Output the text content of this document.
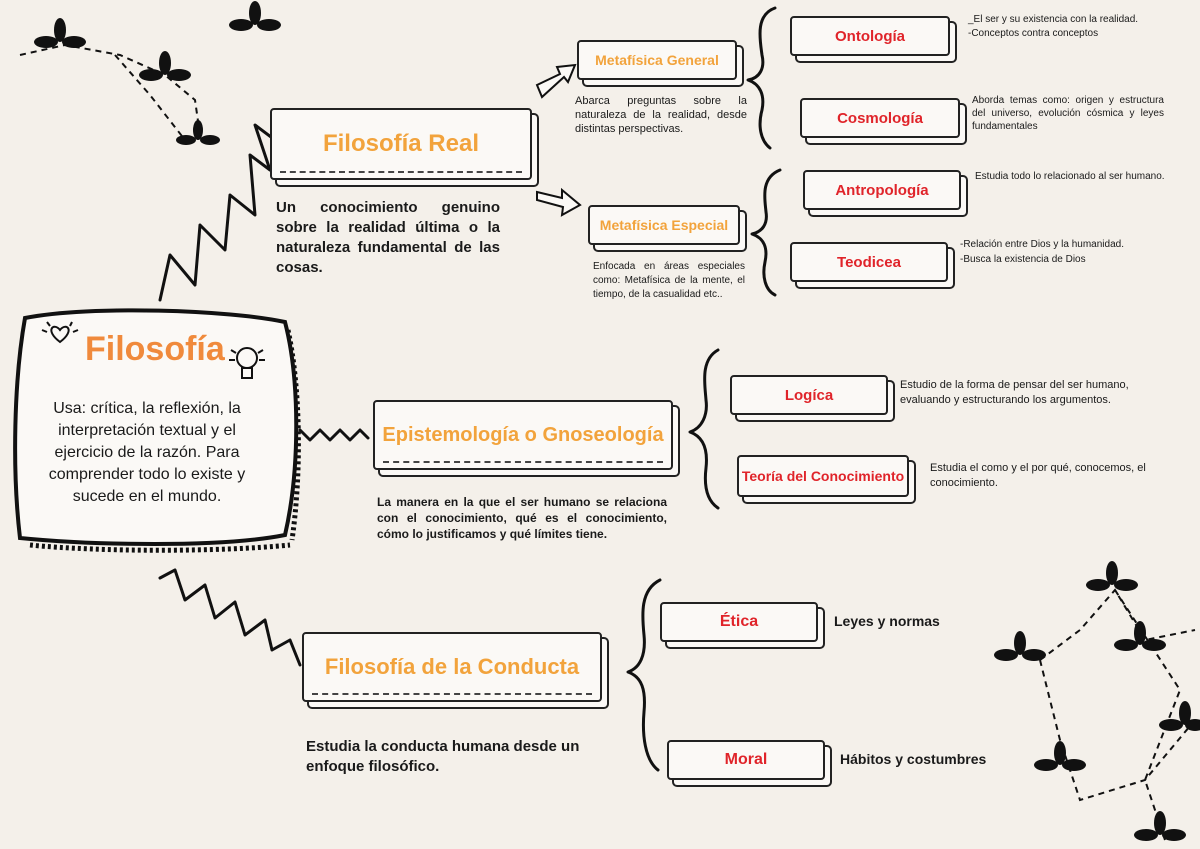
Filosofía
Usa: crítica, la reflexión, la interpretación textual y el ejercicio de la razón. Para comprender todo lo existe y sucede en el mundo.
Filosofía Real
Un conocimiento genuino sobre la realidad última o la naturaleza fundamental de las cosas.
Metafísica General
Abarca preguntas sobre la naturaleza de la realidad, desde distintas perspectivas.
Ontología
_El ser y su existencia con la realidad.
-Conceptos contra conceptos
Cosmología
Aborda temas como: origen y estructura del universo, evolución cósmica y leyes fundamentales
Metafísica Especial
Enfocada en áreas especiales como: Metafísica de la mente, el tiempo, de la casualidad etc..
Antropología
Estudia todo lo relacionado al ser humano.
Teodicea
-Relación entre Dios y la humanidad.
-Busca la existencia de Dios
Epistemología o Gnoseología
La manera en la que el ser humano se relaciona con el conocimiento, qué es el conocimiento, cómo lo justificamos y qué límites tiene.
Logíca
Estudio de la forma de pensar del ser humano, evaluando y estructurando los argumentos.
Teoría del Conocimiento Estudia el como y el por qué, conocemos, el conocimiento.
Filosofía de la Conducta
Estudia la conducta humana desde un enfoque filosófico.
Ética	Leyes y normas
Moral	Hábitos y costumbres
